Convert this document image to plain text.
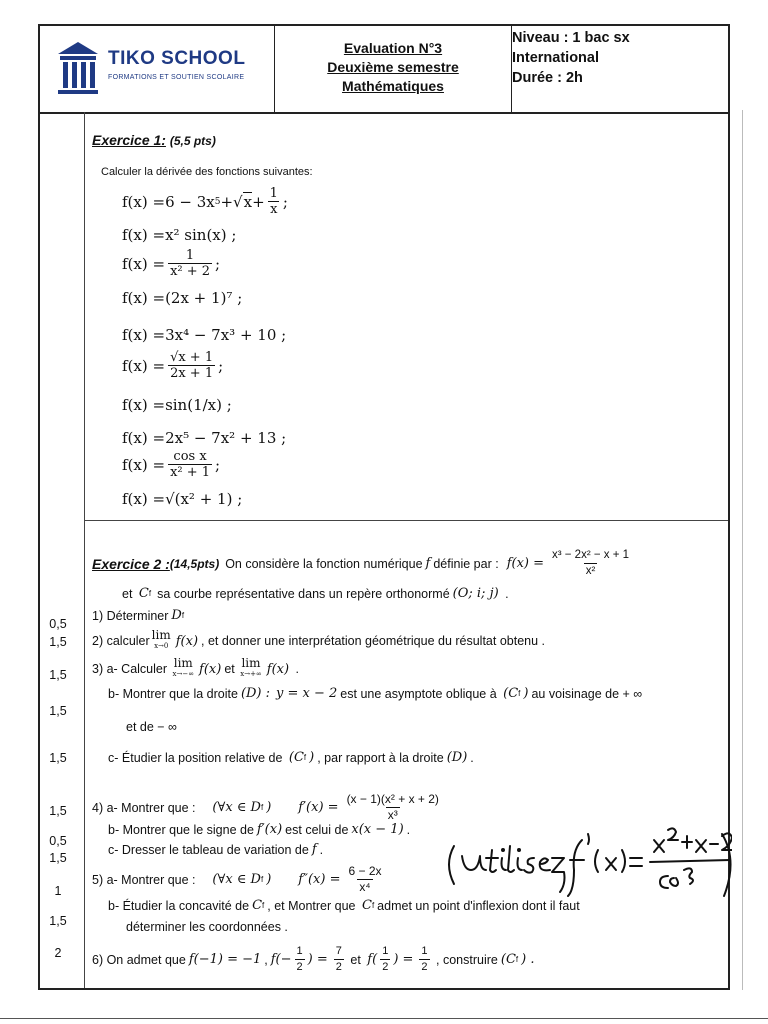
TIKO SCHOOL
FORMATIONS ET SOUTIEN SCOLAIRE
Evaluation N°3
Deuxième semestre
Mathématiques
Niveau : 1 bac sx
International
Durée : 2h
Exercice 1: (5,5 pts)
Calculer la dérivée des fonctions suivantes:
f(x) = 6 − 3x 5 + √ $x + \frac{1}{x}$ ;
f(x) = x² sin(x)
;
$f(x) = \frac{1}{\text{x² + 2}}$ ;
f(x) = (2x + 1)⁷
;
f(x) = 3x⁴ − 7x³ + 10
;
$f(x) = \frac{√x + 1}{2x + 1}$ ;
f(x) = sin(1/x)
;
f(x) = 2x⁵ − 7x² + 13
;
$f(x) = \frac{\text{cos x}}{\text{x² + 1}}$ ;
f(x) = √(x² + 1)
;
Exercice 2 : (14,5pts) On considère la fonction numérique f définie par : $f(x) = \frac{\text{x³ − 2x² − x + 1}}{\text{x²}}$
et
C f sa courbe représentative dans un repère orthonormé (O; i; j)
.
1) Déterminer D f
2) calculer lim
x→0 f(x) , et donner une interprétation géométrique du résultat obtenu .
3) a- Calculer
lim
x→−∞ f(x) et
lim
x→+∞ f(x)
.
b- Montrer que la droite (D) : y = x − 2 est une asymptote oblique à
(C f ) au voisinage de + ∞
et de − ∞
c- Étudier la position relative de
(C f ) , par rapport à la droite (D) .
4) a- Montrer que :
(∀x ∈ D f ) $f'(x) = \frac{\text{(x − 1)(x² + x + 2)}}{\text{x³}}$
b- Montrer que le signe de f′(x) est celui de x(x − 1) .
c- Dresser le tableau de variation de f .
5) a- Montrer que :
(∀x ∈ D f ) $f''(x) = \frac{6 - 2x}{\text{x⁴}}$
b- Étudier la concavité de C f , et Montrer que
C f admet un point d'inflexion dont il faut
déterminer les coordonnées .
6) On admet que f(−1) = −1 , $f(- \frac{1}{2}$ ) = $\frac{7}{2}$
et
$f( \frac{1}{2}$ ) = $\frac{1}{2}$
, construire (C f ) .
0,5
1,5
1,5
1,5
1,5
1,5
0,5
1,5
1
1,5
2
